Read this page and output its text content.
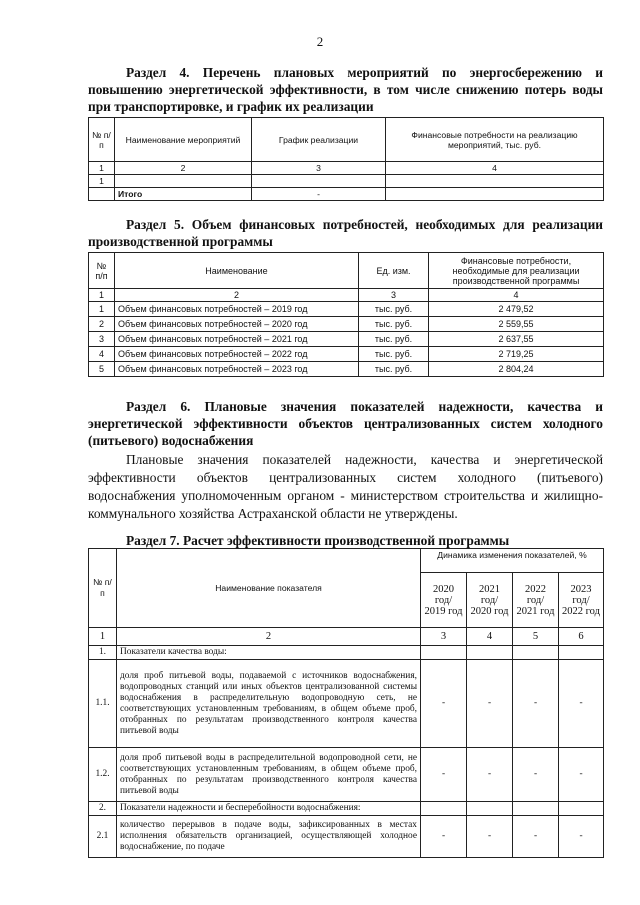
2
Раздел 4. Перечень плановых мероприятий по энергосбережению и повышению энергетической эффективности, в том числе снижению потерь воды при транспортировке, и график их реализации
№ п/п	Наименование мероприятий	График реализации	Финансовые потребности на реализацию мероприятий, тыс. руб.
1	2	3	4
1			
	Итого	-	
Раздел 5. Объем финансовых потребностей, необходимых для реализации производственной программы
№ п/п	Наименование	Ед. изм.	Финансовые потребности, необходимые для реализации производственной программы
1	2	3	4
1	Объем финансовых потребностей – 2019 год	тыс. руб.	2 479,52
2	Объем финансовых потребностей – 2020 год	тыс. руб.	2 559,55
3	Объем финансовых потребностей – 2021 год	тыс. руб.	2 637,55
4	Объем финансовых потребностей – 2022 год	тыс. руб.	2 719,25
5	Объем финансовых потребностей – 2023 год	тыс. руб.	2 804,24
Раздел 6. Плановые значения показателей надежности, качества и энергетической эффективности объектов централизованных систем холодного (питьевого) водоснабжения
Плановые значения показателей надежности, качества и энергетической эффективности объектов централизованных систем холодного (питьевого) водоснабжения уполномоченным органом - министерством строительства и жилищно-коммунального хозяйства Астраханской области не утверждены.
Раздел 7. Расчет эффективности производственной программы
№ п/п	Наименование показателя	Динамика изменения показателей, %			
		2020 год/ 2019 год	2021 год/ 2020 год	2022 год/ 2021 год	2023 год/ 2022 год
1	2	3	4	5	6
1.	Показатели качества воды:				
1.1.	доля проб питьевой воды, подаваемой с источников водоснабжения, водопроводных станций или иных объектов централизованной системы водоснабжения в распределительную водопроводную сеть, не соответствующих установленным требованиям, в общем объеме проб, отобранных по результатам производственного контроля качества питьевой воды	-	-	-	-
1.2.	доля проб питьевой воды в распределительной водопроводной сети, не соответствующих установленным требованиям, в общем объеме проб, отобранных по результатам производственного контроля качества питьевой воды	-	-	-	-
2.	Показатели надежности и бесперебойности водоснабжения:				
2.1	количество перерывов в подаче воды, зафиксированных в местах исполнения обязательств организацией, осуществляющей холодное водоснабжение, по подаче	-	-	-	-
